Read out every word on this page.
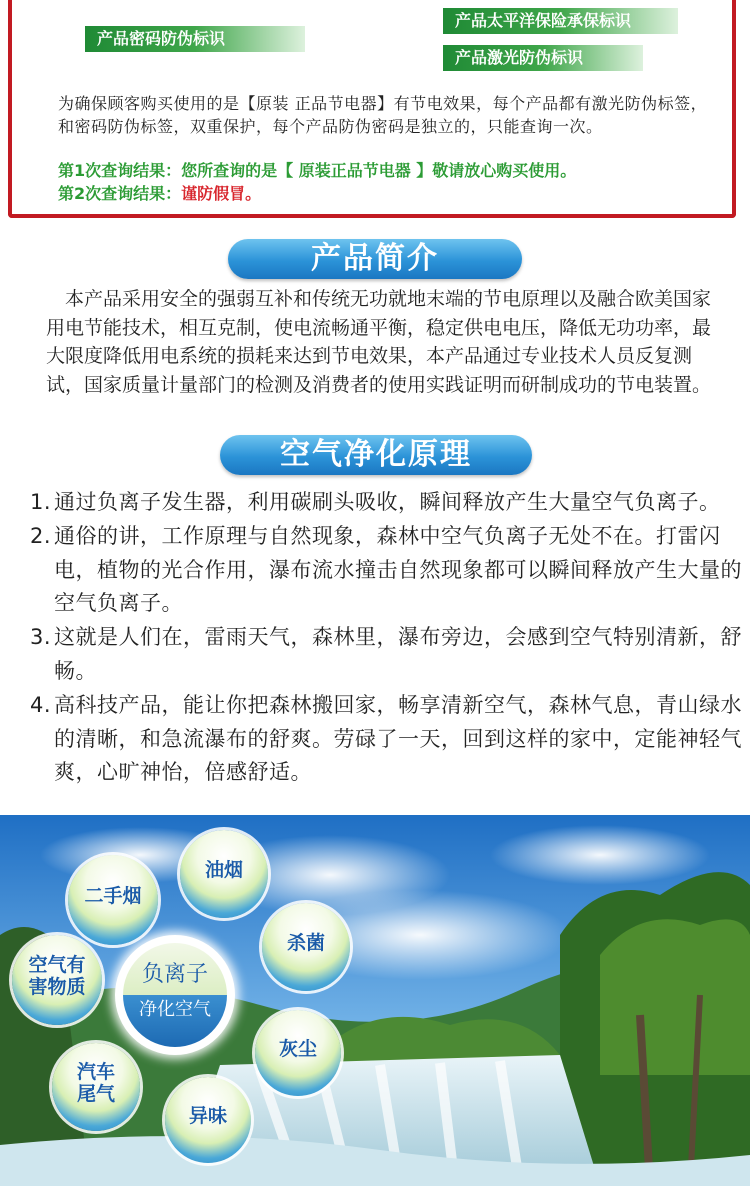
产品密码防伪标识
产品太平洋保险承保标识
产品激光防伪标识
为确保顾客购买使用的是【原装 正品节电器】有节电效果，每个产品都有激光防伪标签，和密码防伪标签，双重保护，每个产品防伪密码是独立的，只能查询一次。
第1次查询结果：您所查询的是【 原装正品节电器 】敬请放心购买使用。
第2次查询结果：谨防假冒。
产品简介
本产品采用安全的强弱互补和传统无功就地末端的节电原理以及融合欧美国家用电节能技术，相互克制，使电流畅通平衡，稳定供电电压，降低无功功率，最大限度降低用电系统的损耗来达到节电效果，本产品通过专业技术人员反复测试，国家质量计量部门的检测及消费者的使用实践证明而研制成功的节电装置。
空气净化原理
1. 通过负离子发生器，利用碳刷头吸收，瞬间释放产生大量空气负离子。
2. 通俗的讲，工作原理与自然现象，森林中空气负离子无处不在。打雷闪电，植物的光合作用，瀑布流水撞击自然现象都可以瞬间释放产生大量的空气负离子。
3. 这就是人们在，雷雨天气，森林里，瀑布旁边，会感到空气特别清新，舒畅。
4. 高科技产品，能让你把森林搬回家，畅享清新空气，森林气息，青山绿水的清晰，和急流瀑布的舒爽。劳碌了一天，回到这样的家中，定能神轻气爽，心旷神怡，倍感舒适。
负离子
净化空气
二手烟
油烟
杀菌
灰尘
异味
汽车
尾气
空气有
害物质
